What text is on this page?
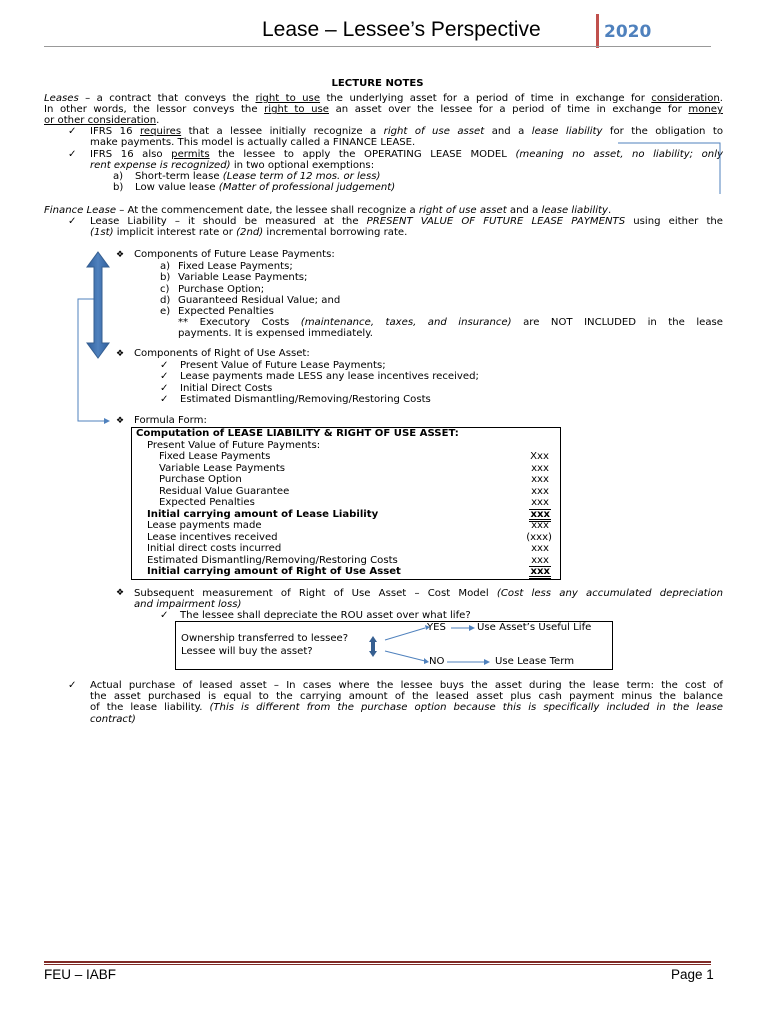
Lease – Lessee’s Perspective	2020
LECTURE NOTES
Leases – a contract that conveys the right to use the underlying asset for a period of time in exchange for consideration.
In other words, the lessor conveys the right to use an asset over the lessee for a period of time in exchange for money
or other consideration.
✓ IFRS 16 requires that a lessee initially recognize a right of use asset and a lease liability for the obligation to
make payments. This model is actually called a FINANCE LEASE.
✓ IFRS 16 also permits the lessee to apply the OPERATING LEASE MODEL (meaning no asset, no liability; only
rent expense is recognized) in two optional exemptions:
a) Short-term lease (Lease term of 12 mos. or less)
b) Low value lease (Matter of professional judgement)
Finance Lease – At the commencement date, the lessee shall recognize a right of use asset and a lease liability.
✓ Lease Liability – it should be measured at the PRESENT VALUE OF FUTURE LEASE PAYMENTS using either the
(1st) implicit interest rate or (2nd) incremental borrowing rate.
❖ Components of Future Lease Payments:
a) Fixed Lease Payments;
b) Variable Lease Payments;
c) Purchase Option;
d) Guaranteed Residual Value; and
e) Expected Penalties
** Executory Costs (maintenance, taxes, and insurance) are NOT INCLUDED in the lease
payments. It is expensed immediately.
❖ Components of Right of Use Asset:
✓ Present Value of Future Lease Payments;
✓ Lease payments made LESS any lease incentives received;
✓ Initial Direct Costs
✓ Estimated Dismantling/Removing/Restoring Costs
❖ Formula Form:
Computation of LEASE LIABILITY & RIGHT OF USE ASSET:
Present Value of Future Payments:
Fixed Lease Payments	Xxx
Variable Lease Payments	xxx
Purchase Option	xxx
Residual Value Guarantee	xxx
Expected Penalties	xxx
Initial carrying amount of Lease Liability	xxx
Lease payments made	xxx
Lease incentives received	(xxx)
Initial direct costs incurred	xxx
Estimated Dismantling/Removing/Restoring Costs	xxx
Initial carrying amount of Right of Use Asset	xxx
❖ Subsequent measurement of Right of Use Asset – Cost Model (Cost less any accumulated depreciation
and impairment loss)
✓ The lessee shall depreciate the ROU asset over what life?
Ownership transferred to lessee?
Lessee will buy the asset?
YES	Use Asset’s Useful Life
NO	Use Lease Term
✓ Actual purchase of leased asset – In cases where the lessee buys the asset during the lease term: the cost of
the asset purchased is equal to the carrying amount of the leased asset plus cash payment minus the balance
of the lease liability. (This is different from the purchase option because this is specifically included in the lease
contract)
FEU – IABF	Page 1
